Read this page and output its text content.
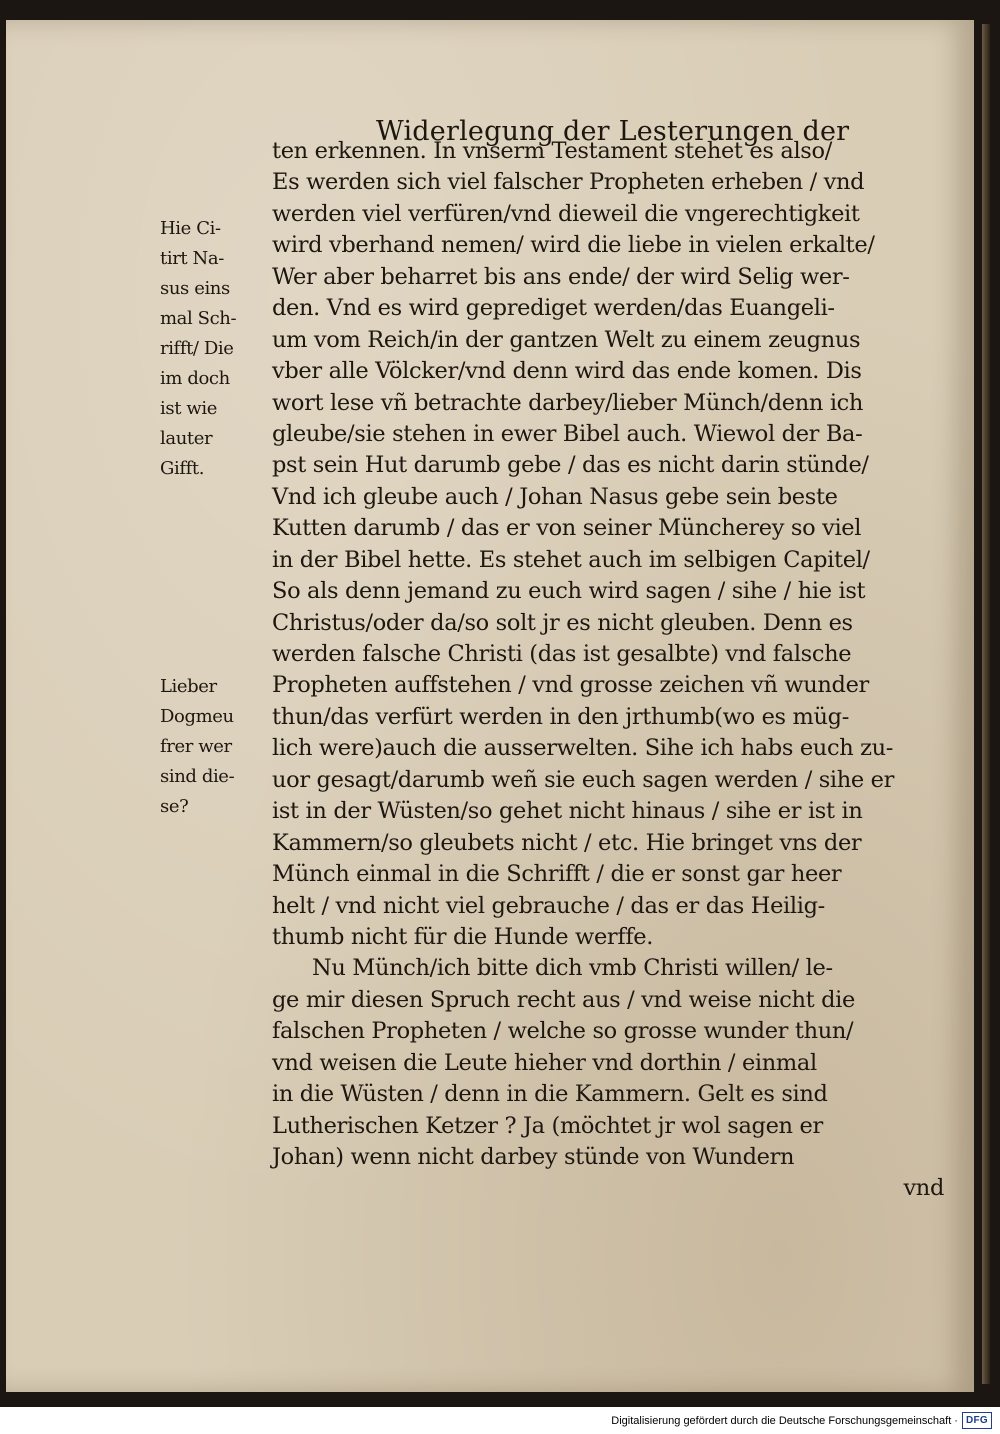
Widerlegung der Lesterungen der
ten erkennen. In vnserm Testament stehet es also/
Es werden sich viel falscher Propheten erheben / vnd
werden viel verfüren/vnd dieweil die vngerechtigkeit
wird vberhand nemen/ wird die liebe in vielen erkalte/
Wer aber beharret bis ans ende/ der wird Selig wer-
den. Vnd es wird geprediget werden/das Euangeli-
um vom Reich/in der gantzen Welt zu einem zeugnus
vber alle Völcker/vnd denn wird das ende komen. Dis
wort lese vñ betrachte darbey/lieber Münch/denn ich
gleube/sie stehen in ewer Bibel auch. Wiewol der Ba-
pst sein Hut darumb gebe / das es nicht darin stünde/
Vnd ich gleube auch / Johan Nasus gebe sein beste
Kutten darumb / das er von seiner Müncherey so viel
in der Bibel hette. Es stehet auch im selbigen Capitel/
So als denn jemand zu euch wird sagen / sihe / hie ist
Christus/oder da/so solt jr es nicht gleuben. Denn es
werden falsche Christi (das ist gesalbte) vnd falsche
Propheten auffstehen / vnd grosse zeichen vñ wunder
thun/das verfürt werden in den jrthumb(wo es müg-
lich were)auch die ausserwelten. Sihe ich habs euch zu-
uor gesagt/darumb weñ sie euch sagen werden / sihe er
ist in der Wüsten/so gehet nicht hinaus / sihe er ist in
Kammern/so gleubets nicht / etc. Hie bringet vns der
Münch einmal in die Schrifft / die er sonst gar heer
helt / vnd nicht viel gebrauche / das er das Heilig-
thumb nicht für die Hunde werffe.
Nu Münch/ich bitte dich vmb Christi willen/ le-
ge mir diesen Spruch recht aus / vnd weise nicht die
falschen Propheten / welche so grosse wunder thun/
vnd weisen die Leute hieher vnd dorthin / einmal
in die Wüsten / denn in die Kammern. Gelt es sind
Lutherischen Ketzer ? Ja (möchtet jr wol sagen er
Johan) wenn nicht darbey stünde von Wundern
vnd
Hie Ci-
tirt Na-
sus eins
mal Sch-
rifft/ Die
im doch
ist wie
lauter
Gifft.
Lieber
Dogmeu
frer wer
sind die-
se?
Digitalisierung gefördert durch die Deutsche Forschungsgemeinschaft · DFG
